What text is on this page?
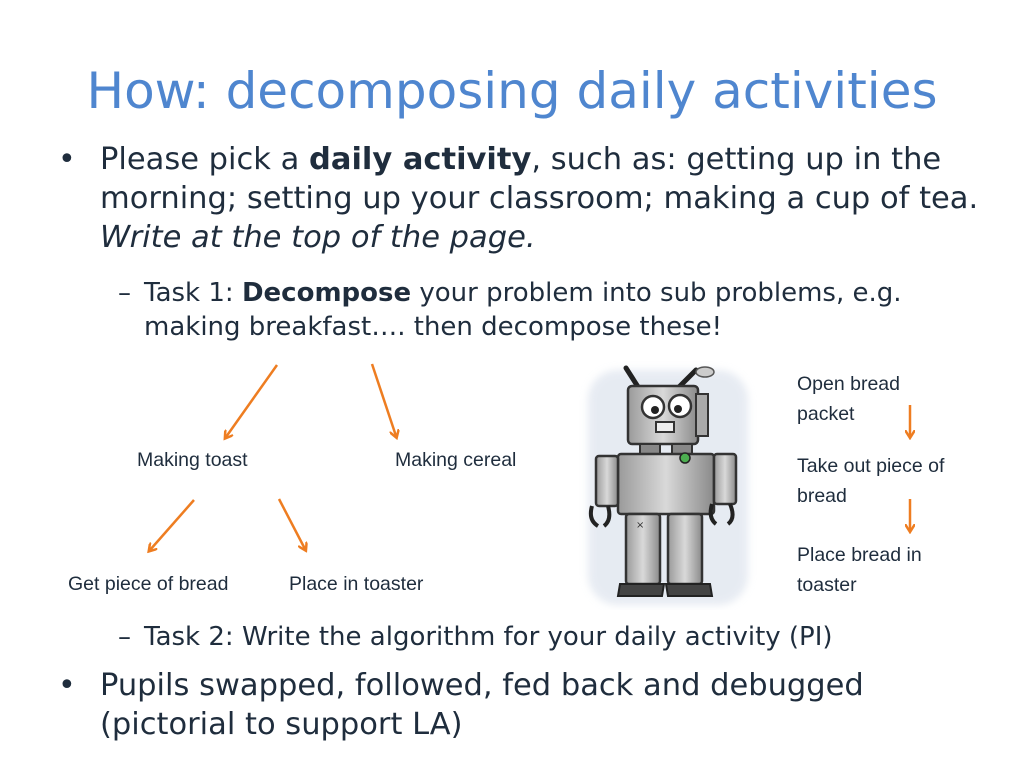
How: decomposing daily activities
• Please pick a daily activity, such as: getting up in the morning; setting up your classroom; making a cup of tea. Write at the top of the page.
– Task 1: Decompose your problem into sub problems, e.g. making breakfast…. then decompose these!
Making toast	Making cereal
Get piece of bread	Place in toaster
Open bread packet
Take out piece of bread
Place bread in toaster
×
– Task 2: Write the algorithm for your daily activity (PI)
• Pupils swapped, followed, fed back and debugged (pictorial to support LA)
